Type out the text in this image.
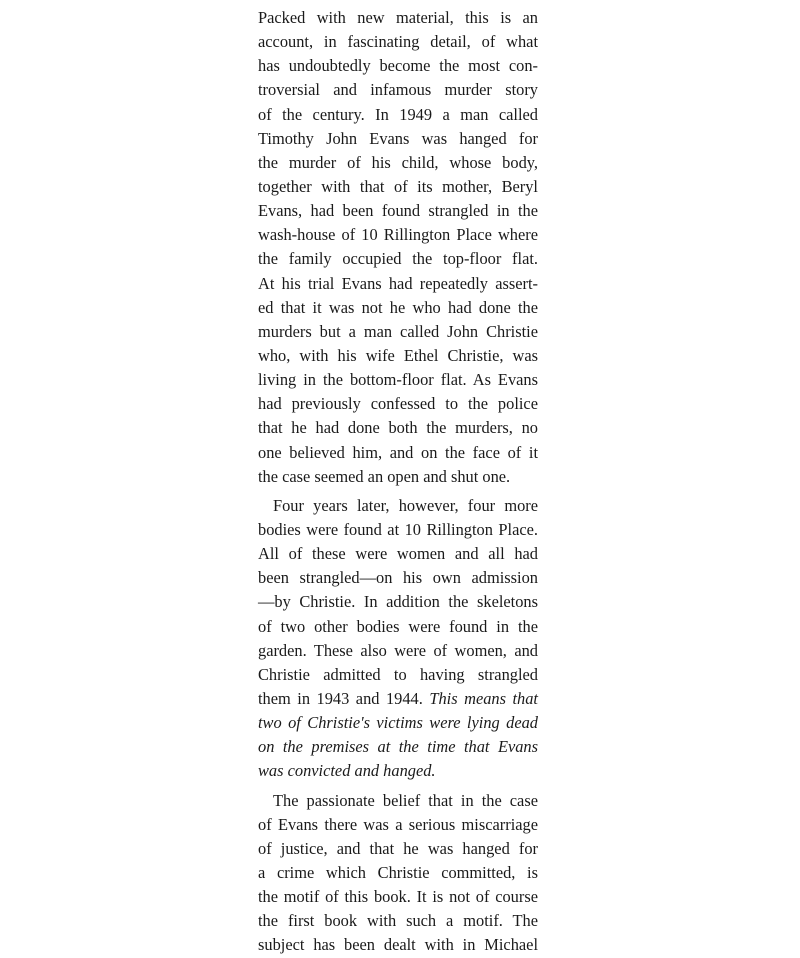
Packed with new material, this is an
account, in fascinating detail, of what
has undoubtedly become the most con-
troversial and infamous murder story
of the century. In 1949 a man called
Timothy John Evans was hanged for
the murder of his child, whose body,
together with that of its mother, Beryl
Evans, had been found strangled in the
wash-house of 10 Rillington Place where
the family occupied the top-floor flat.
At his trial Evans had repeatedly assert-
ed that it was not he who had done the
murders but a man called John Christie
who, with his wife Ethel Christie, was
living in the bottom-floor flat. As Evans
had previously confessed to the police
that he had done both the murders, no
one believed him, and on the face of it
the case seemed an open and shut one.

Four years later, however, four more
bodies were found at 10 Rillington Place.
All of these were women and all had
been strangled—on his own admission
—by Christie. In addition the skeletons
of two other bodies were found in the
garden. These also were of women, and
Christie admitted to having strangled
them in 1943 and 1944. This means that
two of Christie's victims were lying dead
on the premises at the time that Evans
was convicted and hanged.

The passionate belief that in the case
of Evans there was a serious miscarriage
of justice, and that he was hanged for
a crime which Christie committed, is
the motif of this book. It is not of course
the first book with such a motif. The
subject has been dealt with in Michael
